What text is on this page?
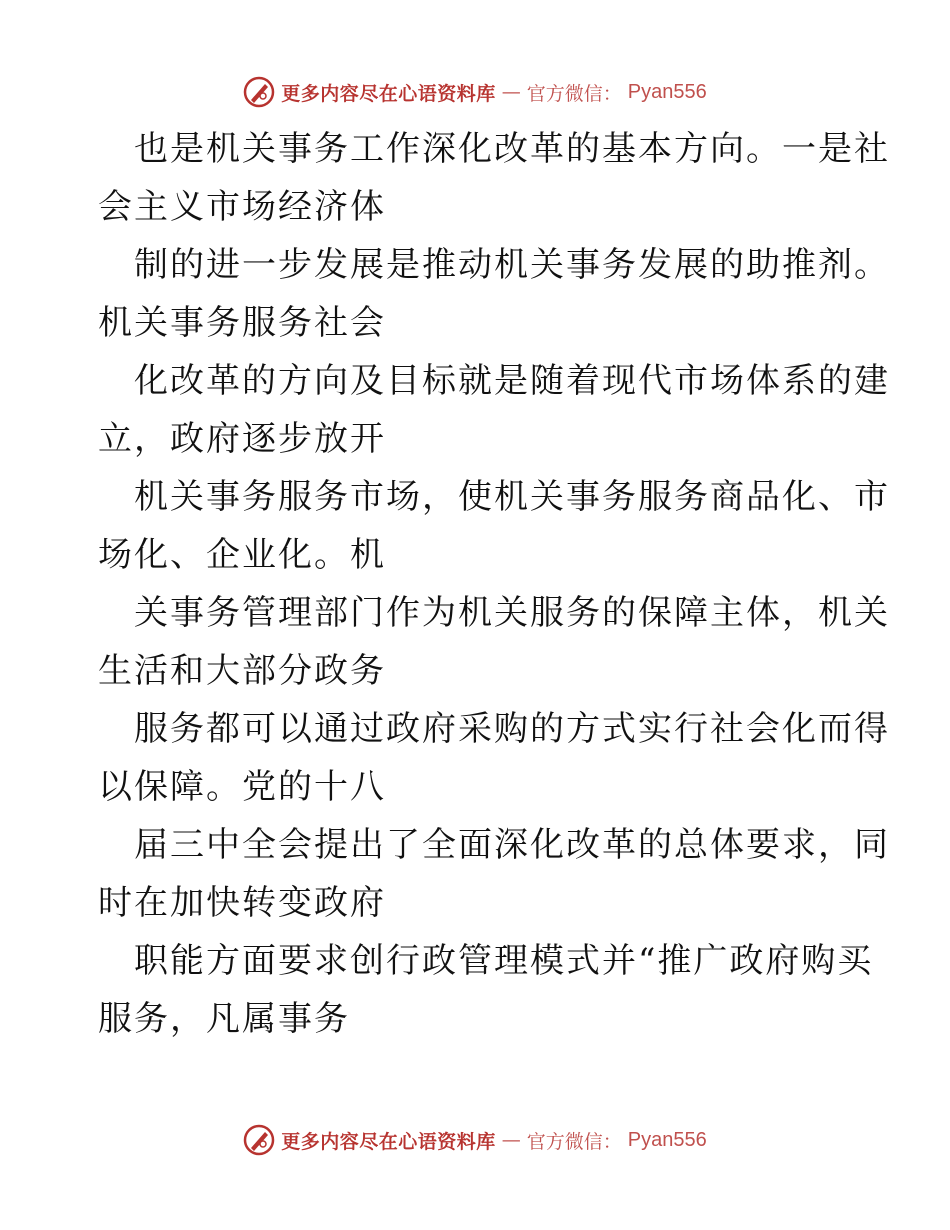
更多内容尽在心语资料库 — 官方微信： Pyan556
也是机关事务工作深化改革的基本方向。一是社
会主义市场经济体
制的进一步发展是推动机关事务发展的助推剂。
机关事务服务社会
化改革的方向及目标就是随着现代市场体系的建
立，政府逐步放开
机关事务服务市场，使机关事务服务商品化、市
场化、企业化。机
关事务管理部门作为机关服务的保障主体，机关
生活和大部分政务
服务都可以通过政府采购的方式实行社会化而得
以保障。党的十八
届三中全会提出了全面深化改革的总体要求，同
时在加快转变政府
职能方面要求创行政管理模式并“推广政府购买
服务，凡属事务
更多内容尽在心语资料库 — 官方微信： Pyan556
